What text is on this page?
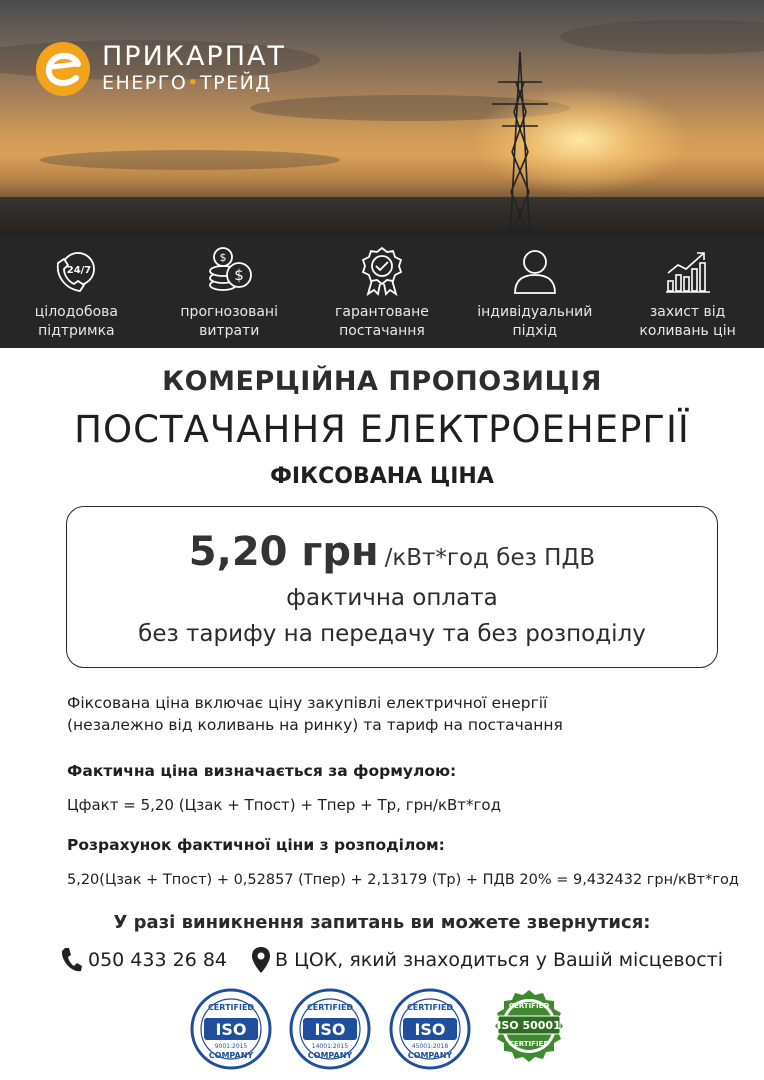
ПРИКАРПАТ
ЕНЕРГО•ТРЕЙД
24/7
цілодобова
підтримка
$
$
прогнозовані
витрати
гарантоване
постачання
індивідуальний
підхід
захист від
коливань цін
КОМЕРЦІЙНА ПРОПОЗИЦІЯ
ПОСТАЧАННЯ ЕЛЕКТРОЕНЕРГІЇ
ФІКСОВАНА ЦІНА
5,20 грн /кВт*год без ПДВ
фактична оплата
без тарифу на передачу та без розподілу
Фіксована ціна включає ціну закупівлі електричної енергії
(незалежно від коливань на ринку) та тариф на постачання
Фактична ціна визначається за формулою:
Цфакт = 5,20 (Цзак + Тпост) + Тпер + Тр, грн/кВт*год
Розрахунок фактичної ціни з розподілом:
5,20(Цзак + Тпост) + 0,52857 (Тпер) + 2,13179 (Тр) + ПДВ 20% = 9,432432 грн/кВт*год
У разі виникнення запитань ви можете звернутися:
050 433 26 84	В ЦОК, який знаходиться у Вашій місцевості
CERTIFIED
ISO
9001:2015
COMPANY
CERTIFIED
ISO
14001:2015
COMPANY
CERTIFIED
ISO
45001:2018
COMPANY
CERTIFIED
ISO 50001
CERTIFIED
